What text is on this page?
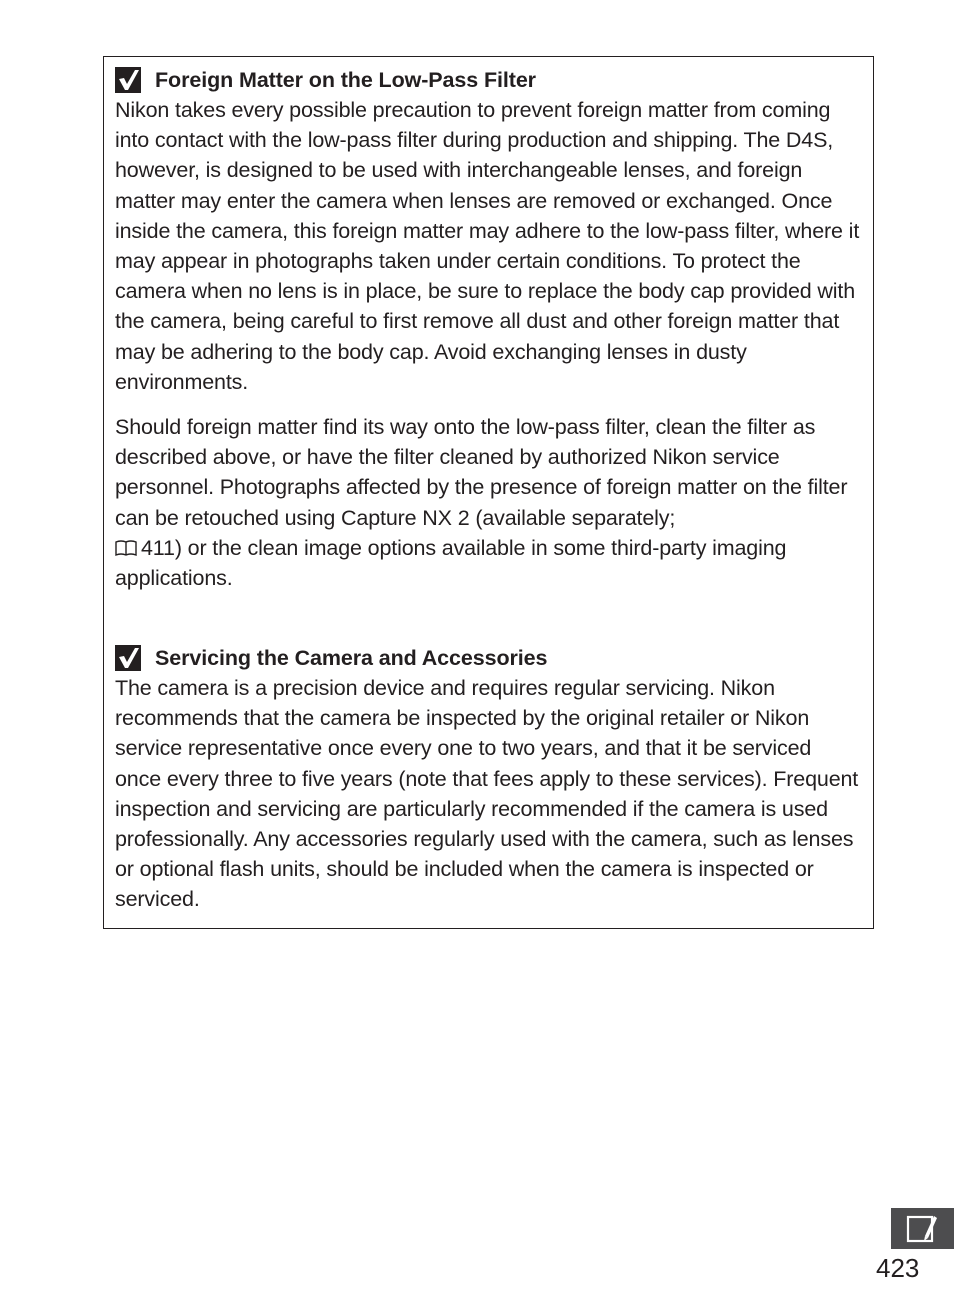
Foreign Matter on the Low-Pass Filter

Nikon takes every possible precaution to prevent foreign matter from coming into contact with the low-pass filter during production and shipping. The D4S, however, is designed to be used with interchangeable lenses, and foreign matter may enter the camera when lenses are removed or exchanged. Once inside the camera, this foreign matter may adhere to the low-pass filter, where it may appear in photographs taken under certain conditions. To protect the camera when no lens is in place, be sure to replace the body cap provided with the camera, being careful to first remove all dust and other foreign matter that may be adhering to the body cap. Avoid exchanging lenses in dusty environments.

Should foreign matter find its way onto the low-pass filter, clean the filter as described above, or have the filter cleaned by authorized Nikon service personnel. Photographs affected by the presence of foreign matter on the filter can be retouched using Capture NX 2 (available separately;
411) or the clean image options available in some third-party imaging applications.

Servicing the Camera and Accessories

The camera is a precision device and requires regular servicing. Nikon recommends that the camera be inspected by the original retailer or Nikon service representative once every one to two years, and that it be serviced once every three to five years (note that fees apply to these services). Frequent inspection and servicing are particularly recommended if the camera is used professionally. Any accessories regularly used with the camera, such as lenses or optional flash units, should be included when the camera is inspected or serviced.

423
